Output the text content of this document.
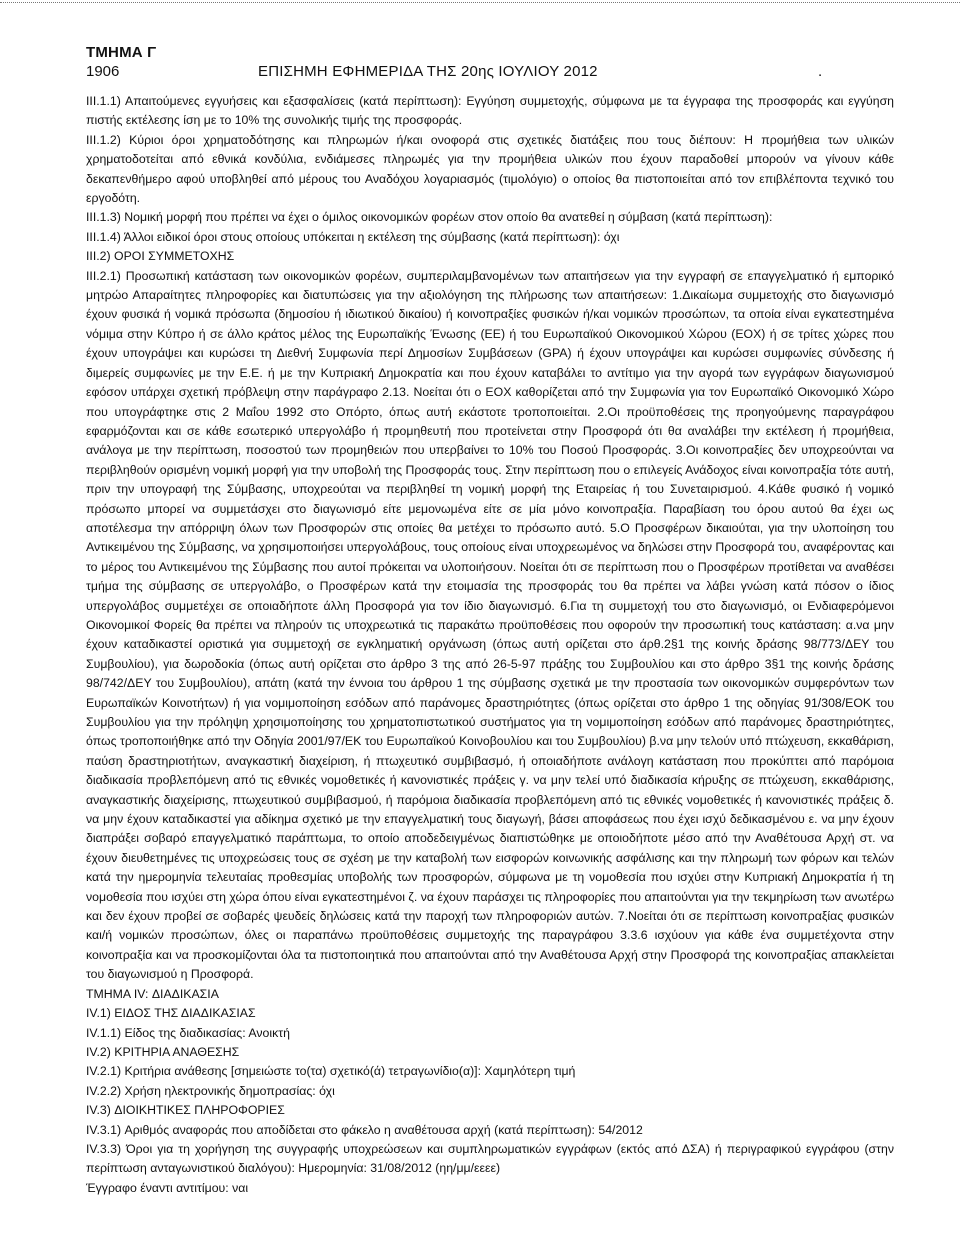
ΤΜΗΜΑ Γ
1906	ΕΠΙΣΗΜΗ ΕΦΗΜΕΡΙΔΑ ΤΗΣ 20ης ΙΟΥΛΙΟΥ 2012	.

ΙΙΙ.1.1) Απαιτούμενες εγγυήσεις και εξασφαλίσεις (κατά περίπτωση): Εγγύηση συμμετοχής, σύμφωνα με τα έγγραφα της προσφοράς και εγγύηση πιστής εκτέλεσης ίση με το 10% της συνολικής τιμής της προσφοράς.

ΙΙΙ.1.2) Κύριοι όροι χρηματοδότησης και πληρωμών ή/και ονοφορά στις σχετικές διατάξεις που τους διέπουν: Η προμήθεια των υλικών χρηματοδοτείται από εθνικά κονδύλια, ενδιάμεσες πληρωμές για την προμήθεια υλικών που έχουν παραδοθεί μπορούν να γίνουν κάθε δεκαπενθήμερο αφού υποβληθεί από μέρους του Αναδόχου λογαριασμός (τιμολόγιο) ο οποίος θα πιστοποιείται από τον επιβλέποντα τεχνικό του εργοδότη.

ΙΙΙ.1.3) Νομική μορφή που πρέπει να έχει ο όμιλος οικονομικών φορέων στον οποίο θα ανατεθεί η σύμβαση (κατά περίπτωση):

ΙΙΙ.1.4) Άλλοι ειδικοί όροι στους οποίους υπόκειται η εκτέλεση της σύμβασης (κατά περίπτωση): όχι

ΙΙΙ.2) ΟΡΟΙ ΣΥΜΜΕΤΟΧΗΣ

ΙΙΙ.2.1) Προσωπική κατάσταση των οικονομικών φορέων, συμπεριλαμβανομένων των απαιτήσεων για την εγγραφή σε επαγγελματικό ή εμπορικό μητρώο Απαραίτητες πληροφορίες και διατυπώσεις για την αξιολόγηση της πλήρωσης των απαιτήσεων: 1.Δικαίωμα συμμετοχής στο διαγωνισμό έχουν φυσικά ή νομικά πρόσωπα (δημοσίου ή ιδιωτικού δικαίου) ή κοινοπραξίες φυσικών ή/και νομικών προσώπων, τα οποία είναι εγκατεστημένα νόμιμα στην Κύπρο ή σε άλλο κράτος μέλος της Ευρωπαϊκής Ένωσης (ΕΕ) ή του Ευρωπαϊκού Οικονομικού Χώρου (ΕΟΧ) ή σε τρίτες χώρες που έχουν υπογράψει και κυρώσει τη Διεθνή Συμφωνία περί Δημοσίων Συμβάσεων (GPA) ή έχουν υπογράψει και κυρώσει συμφωνίες σύνδεσης ή διμερείς συμφωνίες με την Ε.Ε. ή με την Κυπριακή Δημοκρατία και που έχουν καταβάλει το αντίτιμο για την αγορά των εγγράφων διαγωνισμού εφόσον υπάρχει σχετική πρόβλεψη στην παράγραφο 2.13. Νοείται ότι ο ΕΟΧ καθορίζεται από την Συμφωνία για τον Ευρωπαϊκό Οικονομικό Χώρο που υπογράφτηκε στις 2 Μαΐου 1992 στο Οπόρτο, όπως αυτή εκάστοτε τροποποιείται. 2.Οι προϋποθέσεις της προηγούμενης παραγράφου εφαρμόζονται και σε κάθε εσωτερικό υπεργολάβο ή προμηθευτή που προτείνεται στην Προσφορά ότι θα αναλάβει την εκτέλεση ή προμήθεια, ανάλογα με την περίπτωση, ποσοστού των προμηθειών που υπερβαίνει το 10% του Ποσού Προσφοράς. 3.Οι κοινοπραξίες δεν υποχρεούνται να περιβληθούν ορισμένη νομική μορφή για την υποβολή της Προσφοράς τους. Στην περίπτωση που ο επιλεγείς Ανάδοχος είναι κοινοπραξία τότε αυτή, πριν την υπογραφή της Σύμβασης, υποχρεούται να περιβληθεί τη νομική μορφή της Εταιρείας ή του Συνεταιρισμού. 4.Κάθε φυσικό ή νομικό πρόσωπο μπορεί να συμμετάσχει στο διαγωνισμό είτε μεμονωμένα είτε σε μία μόνο κοινοπραξία. Παραβίαση του όρου αυτού θα έχει ως αποτέλεσμα την απόρριψη όλων των Προσφορών στις οποίες θα μετέχει το πρόσωπο αυτό. 5.Ο Προσφέρων δικαιούται, για την υλοποίηση του Αντικειμένου της Σύμβασης, να χρησιμοποιήσει υπεργολάβους, τους οποίους είναι υποχρεωμένος να δηλώσει στην Προσφορά του, αναφέροντας και το μέρος του Αντικειμένου της Σύμβασης που αυτοί πρόκειται να υλοποιήσουν. Νοείται ότι σε περίπτωση που ο Προσφέρων προτίθεται να αναθέσει τμήμα της σύμβασης σε υπεργολάβο, ο Προσφέρων κατά την ετοιμασία της προσφοράς του θα πρέπει να λάβει γνώση κατά πόσον ο ίδιος υπεργολάβος συμμετέχει σε οποιαδήποτε άλλη Προσφορά για τον ίδιο διαγωνισμό. 6.Για τη συμμετοχή του στο διαγωνισμό, οι Ενδιαφερόμενοι Οικονομικοί Φορείς θα πρέπει να πληρούν τις υποχρεωτικά τις παρακάτω προϋποθέσεις που οφορούν την προσωπική τους κατάσταση: α.να μην έχουν καταδικαστεί οριστικά για συμμετοχή σε εγκληματική οργάνωση (όπως αυτή ορίζεται στο άρθ.2§1 της κοινής δράσης 98/773/ΔΕΥ του Συμβουλίου), για δωροδοκία (όπως αυτή ορίζεται στο άρθρο 3 της από 26-5-97 πράξης του Συμβουλίου και στο άρθρο 3§1 της κοινής δράσης 98/742/ΔΕΥ του Συμβουλίου), απάτη (κατά την έννοια του άρθρου 1 της σύμβασης σχετικά με την προστασία των οικονομικών συμφερόντων των Ευρωπαϊκών Κοινοτήτων) ή για νομιμοποίηση εσόδων από παράνομες δραστηριότητες (όπως ορίζεται στο άρθρο 1 της οδηγίας 91/308/ΕΟΚ του Συμβουλίου για την πρόληψη χρησιμοποίησης του χρηματοπιστωτικού συστήματος για τη νομιμοποίηση εσόδων από παράνομες δραστηριότητες, όπως τροποποιήθηκε από την Οδηγία 2001/97/ΕΚ του Ευρωπαϊκού Κοινοβουλίου και του Συμβουλίου) β.να μην τελούν υπό πτώχευση, εκκαθάριση, παύση δραστηριοτήτων, αναγκαστική διαχείριση, ή πτωχευτικό συμβιβασμό, ή οποιαδήποτε ανάλογη κατάσταση που προκύπτει από παρόμοια διαδικασία προβλεπόμενη από τις εθνικές νομοθετικές ή κανονιστικές πράξεις γ. να μην τελεί υπό διαδικασία κήρυξης σε πτώχευση, εκκαθάρισης, αναγκαστικής διαχείρισης, πτωχευτικού συμβιβασμού, ή παρόμοια διαδικασία προβλεπόμενη από τις εθνικές νομοθετικές ή κανονιστικές πράξεις δ. να μην έχουν καταδικαστεί για αδίκημα σχετικό με την επαγγελματική τους διαγωγή, βάσει αποφάσεως που έχει ισχύ δεδικασμένου ε. να μην έχουν διαπράξει σοβαρό επαγγελματικό παράπτωμα, το οποίο αποδεδειγμένως διαπιστώθηκε με οποιοδήποτε μέσο από την Αναθέτουσα Αρχή στ. να έχουν διευθετημένες τις υποχρεώσεις τους σε σχέση με την καταβολή των εισφορών κοινωνικής ασφάλισης και την πληρωμή των φόρων και τελών κατά την ημερομηνία τελευταίας προθεσμίας υποβολής των προσφορών, σύμφωνα με τη νομοθεσία που ισχύει στην Κυπριακή Δημοκρατία ή τη νομοθεσία που ισχύει στη χώρα όπου είναι εγκατεστημένοι ζ. να έχουν παράσχει τις πληροφορίες που απαιτούνται για την τεκμηρίωση των ανωτέρω και δεν έχουν προβεί σε σοβαρές ψευδείς δηλώσεις κατά την παροχή των πληροφοριών αυτών. 7.Νοείται ότι σε περίπτωση κοινοπραξίας φυσικών και/ή νομικών προσώπων, όλες οι παραπάνω προϋποθέσεις συμμετοχής της παραγράφου 3.3.6 ισχύουν για κάθε ένα συμμετέχοντα στην κοινοπραξία και να προσκομίζονται όλα τα πιστοποιητικά που απαιτούνται από την Αναθέτουσα Αρχή στην Προσφορά της κοινοπραξίας απακλείεται του διαγωνισμού η Προσφορά.

ΤΜΗΜΑ IV: ΔΙΑΔΙΚΑΣΙΑ

IV.1) ΕΙΔΟΣ ΤΗΣ ΔΙΑΔΙΚΑΣΙΑΣ

IV.1.1) Είδος της διαδικασίας: Ανοικτή

IV.2) ΚΡΙΤΗΡΙΑ ΑΝΑΘΕΣΗΣ

IV.2.1) Κριτήρια ανάθεσης [σημειώστε το(τα) σχετικό(ά) τετραγωνίδιο(α)]: Χαμηλότερη τιμή

IV.2.2) Χρήση ηλεκτρονικής δημοπρασίας: όχι

IV.3) ΔΙΟΙΚΗΤΙΚΕΣ ΠΛΗΡΟΦΟΡΙΕΣ

IV.3.1) Αριθμός αναφοράς που αποδίδεται στο φάκελο η αναθέτουσα αρχή (κατά περίπτωση): 54/2012

IV.3.3) Όροι για τη χορήγηση της συγγραφής υποχρεώσεων και συμπληρωματικών εγγράφων (εκτός από ΔΣΑ) ή περιγραφικού εγγράφου (στην περίπτωση ανταγωνιστικού διαλόγου): Ημερομηνία: 31/08/2012 (ηη/μμ/εεεε)

Έγγραφο έναντι αντιτίμου: ναι
